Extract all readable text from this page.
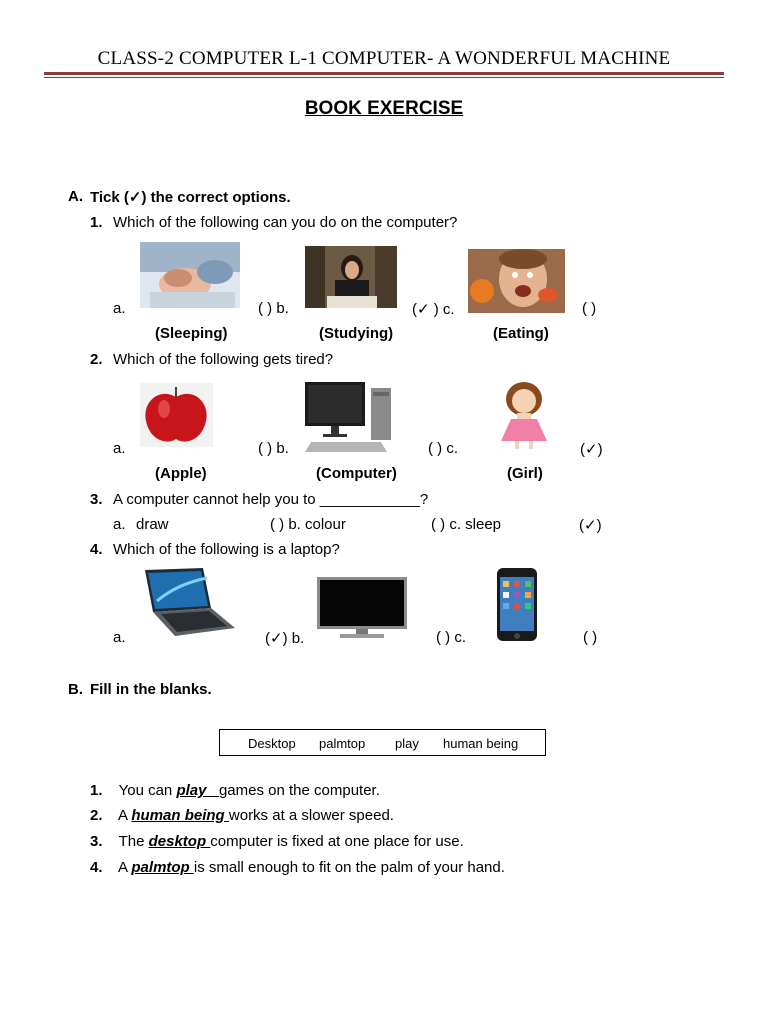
CLASS-2 COMPUTER L-1 COMPUTER- A WONDERFUL MACHINE
BOOK EXERCISE
A. Tick (✓) the correct options.
1. Which of the following can you do on the computer?
a.	( ) b.	(✓ ) c.	( )
(Sleeping)	(Studying)	(Eating)
2. Which of the following gets tired?
a.	( ) b.	( ) c.	(✓)
(Apple)	(Computer)	(Girl)
3. A computer cannot help you to ____________?
a. draw	( ) b. colour	( ) c. sleep	(✓)
4. Which of the following is a laptop?
a.	(✓) b.	( ) c.	( )
B. Fill in the blanks.
Desktop palmtop play human being
1. You can play   games on the computer.
2. A human being works at a slower speed.
3. The desktop computer is fixed at one place for use.
4. A palmtop is small enough to fit on the palm of your hand.
